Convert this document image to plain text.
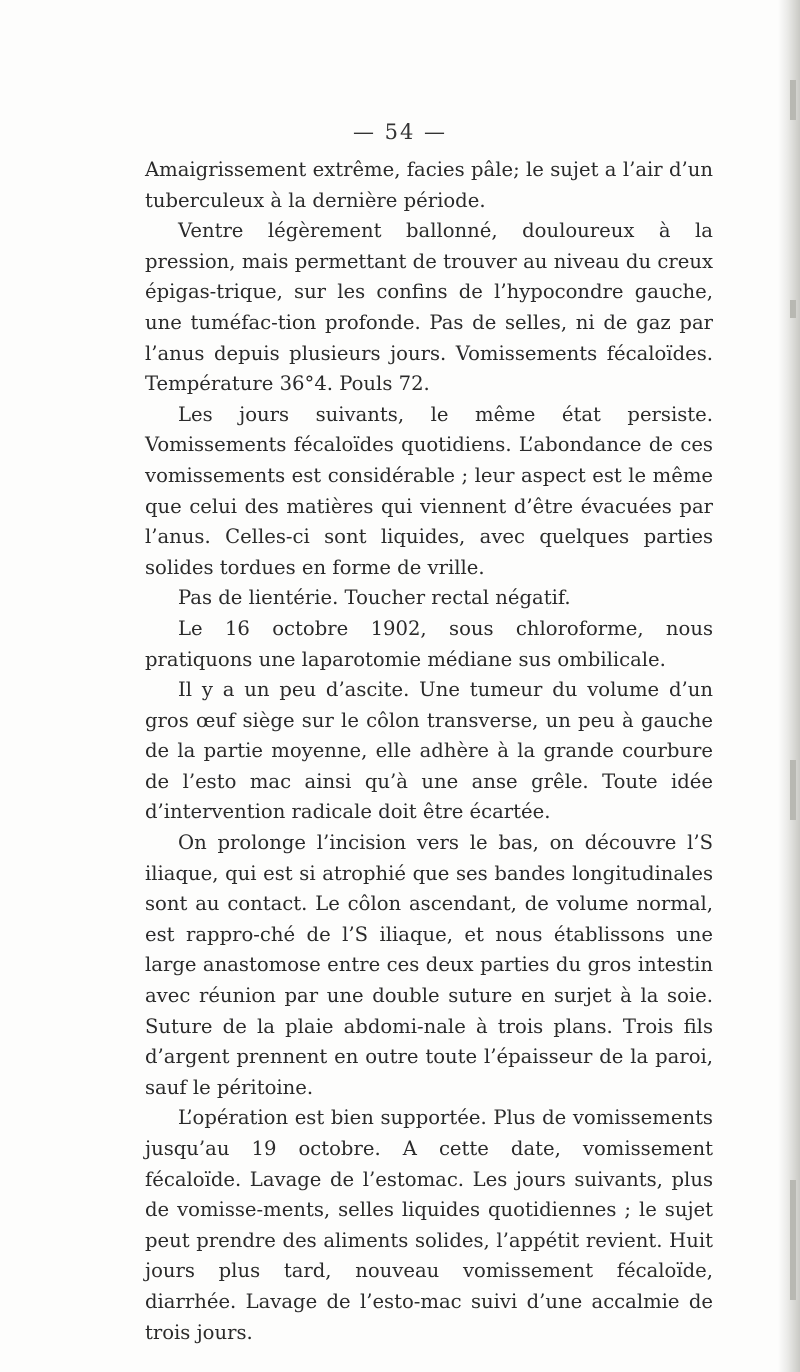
— 54 —

Amaigrissement extrême, facies pâle; le sujet a l’air d’un tuberculeux à la dernière période.

Ventre légèrement ballonné, douloureux à la pression, mais permettant de trouver au niveau du creux épigas-trique, sur les confins de l’hypocondre gauche, une tuméfac-tion profonde. Pas de selles, ni de gaz par l’anus depuis plusieurs jours. Vomissements fécaloïdes. Température 36°4. Pouls 72.

Les jours suivants, le même état persiste. Vomissements fécaloïdes quotidiens. L’abondance de ces vomissements est considérable ; leur aspect est le même que celui des matières qui viennent d’être évacuées par l’anus. Celles-ci sont liquides, avec quelques parties solides tordues en forme de vrille.

Pas de lientérie. Toucher rectal négatif.

Le 16 octobre 1902, sous chloroforme, nous pratiquons une laparotomie médiane sus ombilicale.

Il y a un peu d’ascite. Une tumeur du volume d’un gros œuf siège sur le côlon transverse, un peu à gauche de la partie moyenne, elle adhère à la grande courbure de l’esto mac ainsi qu’à une anse grêle. Toute idée d’intervention radicale doit être écartée.

On prolonge l’incision vers le bas, on découvre l’S iliaque, qui est si atrophié que ses bandes longitudinales sont au contact. Le côlon ascendant, de volume normal, est rappro-ché de l’S iliaque, et nous établissons une large anastomose entre ces deux parties du gros intestin avec réunion par une double suture en surjet à la soie. Suture de la plaie abdomi-nale à trois plans. Trois fils d’argent prennent en outre toute l’épaisseur de la paroi, sauf le péritoine.

L’opération est bien supportée. Plus de vomissements jusqu’au 19 octobre. A cette date, vomissement fécaloïde. Lavage de l’estomac. Les jours suivants, plus de vomisse-ments, selles liquides quotidiennes ; le sujet peut prendre des aliments solides, l’appétit revient. Huit jours plus tard, nouveau vomissement fécaloïde, diarrhée. Lavage de l’esto-mac suivi d’une accalmie de trois jours.
